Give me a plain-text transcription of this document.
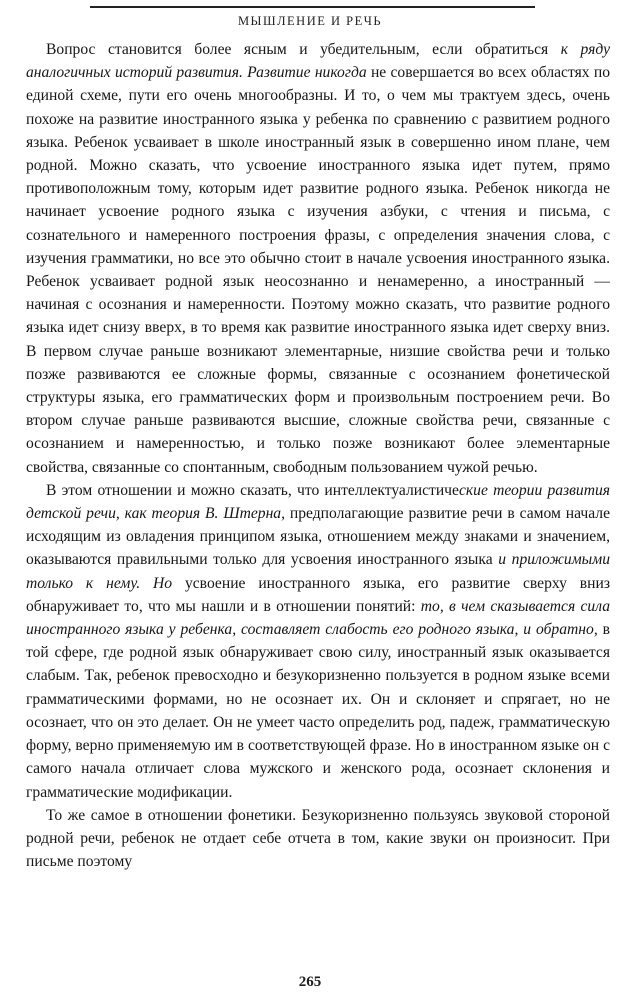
МЫШЛЕНИЕ И РЕЧЬ

Вопрос становится более ясным и убедительным, если обратиться к ряду аналогичных историй развития. Развитие никогда не совершается во всех областях по единой схеме, пути его очень многообразны. И то, о чем мы трактуем здесь, очень похоже на развитие иностранного языка у ребенка по сравнению с развитием родного языка. Ребенок усваивает в школе иностранный язык в совершенно ином плане, чем родной. Можно сказать, что усвоение иностранного языка идет путем, прямо противоположным тому, которым идет развитие родного языка. Ребенок никогда не начинает усвоение родного языка с изучения азбуки, с чтения и письма, с сознательного и намеренного построения фразы, с определения значения слова, с изучения грамматики, но все это обычно стоит в начале усвоения иностранного языка. Ребенок усваивает родной язык неосознанно и ненамеренно, а иностранный — начиная с осознания и намеренности. Поэтому можно сказать, что развитие родного языка идет снизу вверх, в то время как развитие иностранного языка идет сверху вниз. В первом случае раньше возникают элементарные, низшие свойства речи и только позже развиваются ее сложные формы, связанные с осознанием фонетической структуры языка, его грамматических форм и произвольным построением речи. Во втором случае раньше развиваются высшие, сложные свойства речи, связанные с осознанием и намеренностью, и только позже возникают более элементарные свойства, связанные со спонтанным, свободным пользованием чужой речью.

В этом отношении и можно сказать, что интеллектуалистические теории развития детской речи, как теория В. Штерна, предполагающие развитие речи в самом начале исходящим из овладения принципом языка, отношением между знаками и значением, оказываются правильными только для усвоения иностранного языка и приложимыми только к нему. Но усвоение иностранного языка, его развитие сверху вниз обнаруживает то, что мы нашли и в отношении понятий: то, в чем сказывается сила иностранного языка у ребенка, составляет слабость его родного языка, и обратно, в той сфере, где родной язык обнаруживает свою силу, иностранный язык оказывается слабым. Так, ребенок превосходно и безукоризненно пользуется в родном языке всеми грамматическими формами, но не осознает их. Он и склоняет и спрягает, но не осознает, что он это делает. Он не умеет часто определить род, падеж, грамматическую форму, верно применяемую им в соответствующей фразе. Но в иностранном языке он с самого начала отличает слова мужского и женского рода, осознает склонения и грамматические модификации.

То же самое в отношении фонетики. Безукоризненно пользуясь звуковой стороной родной речи, ребенок не отдает себе отчета в том, какие звуки он произносит. При письме поэтому

265
